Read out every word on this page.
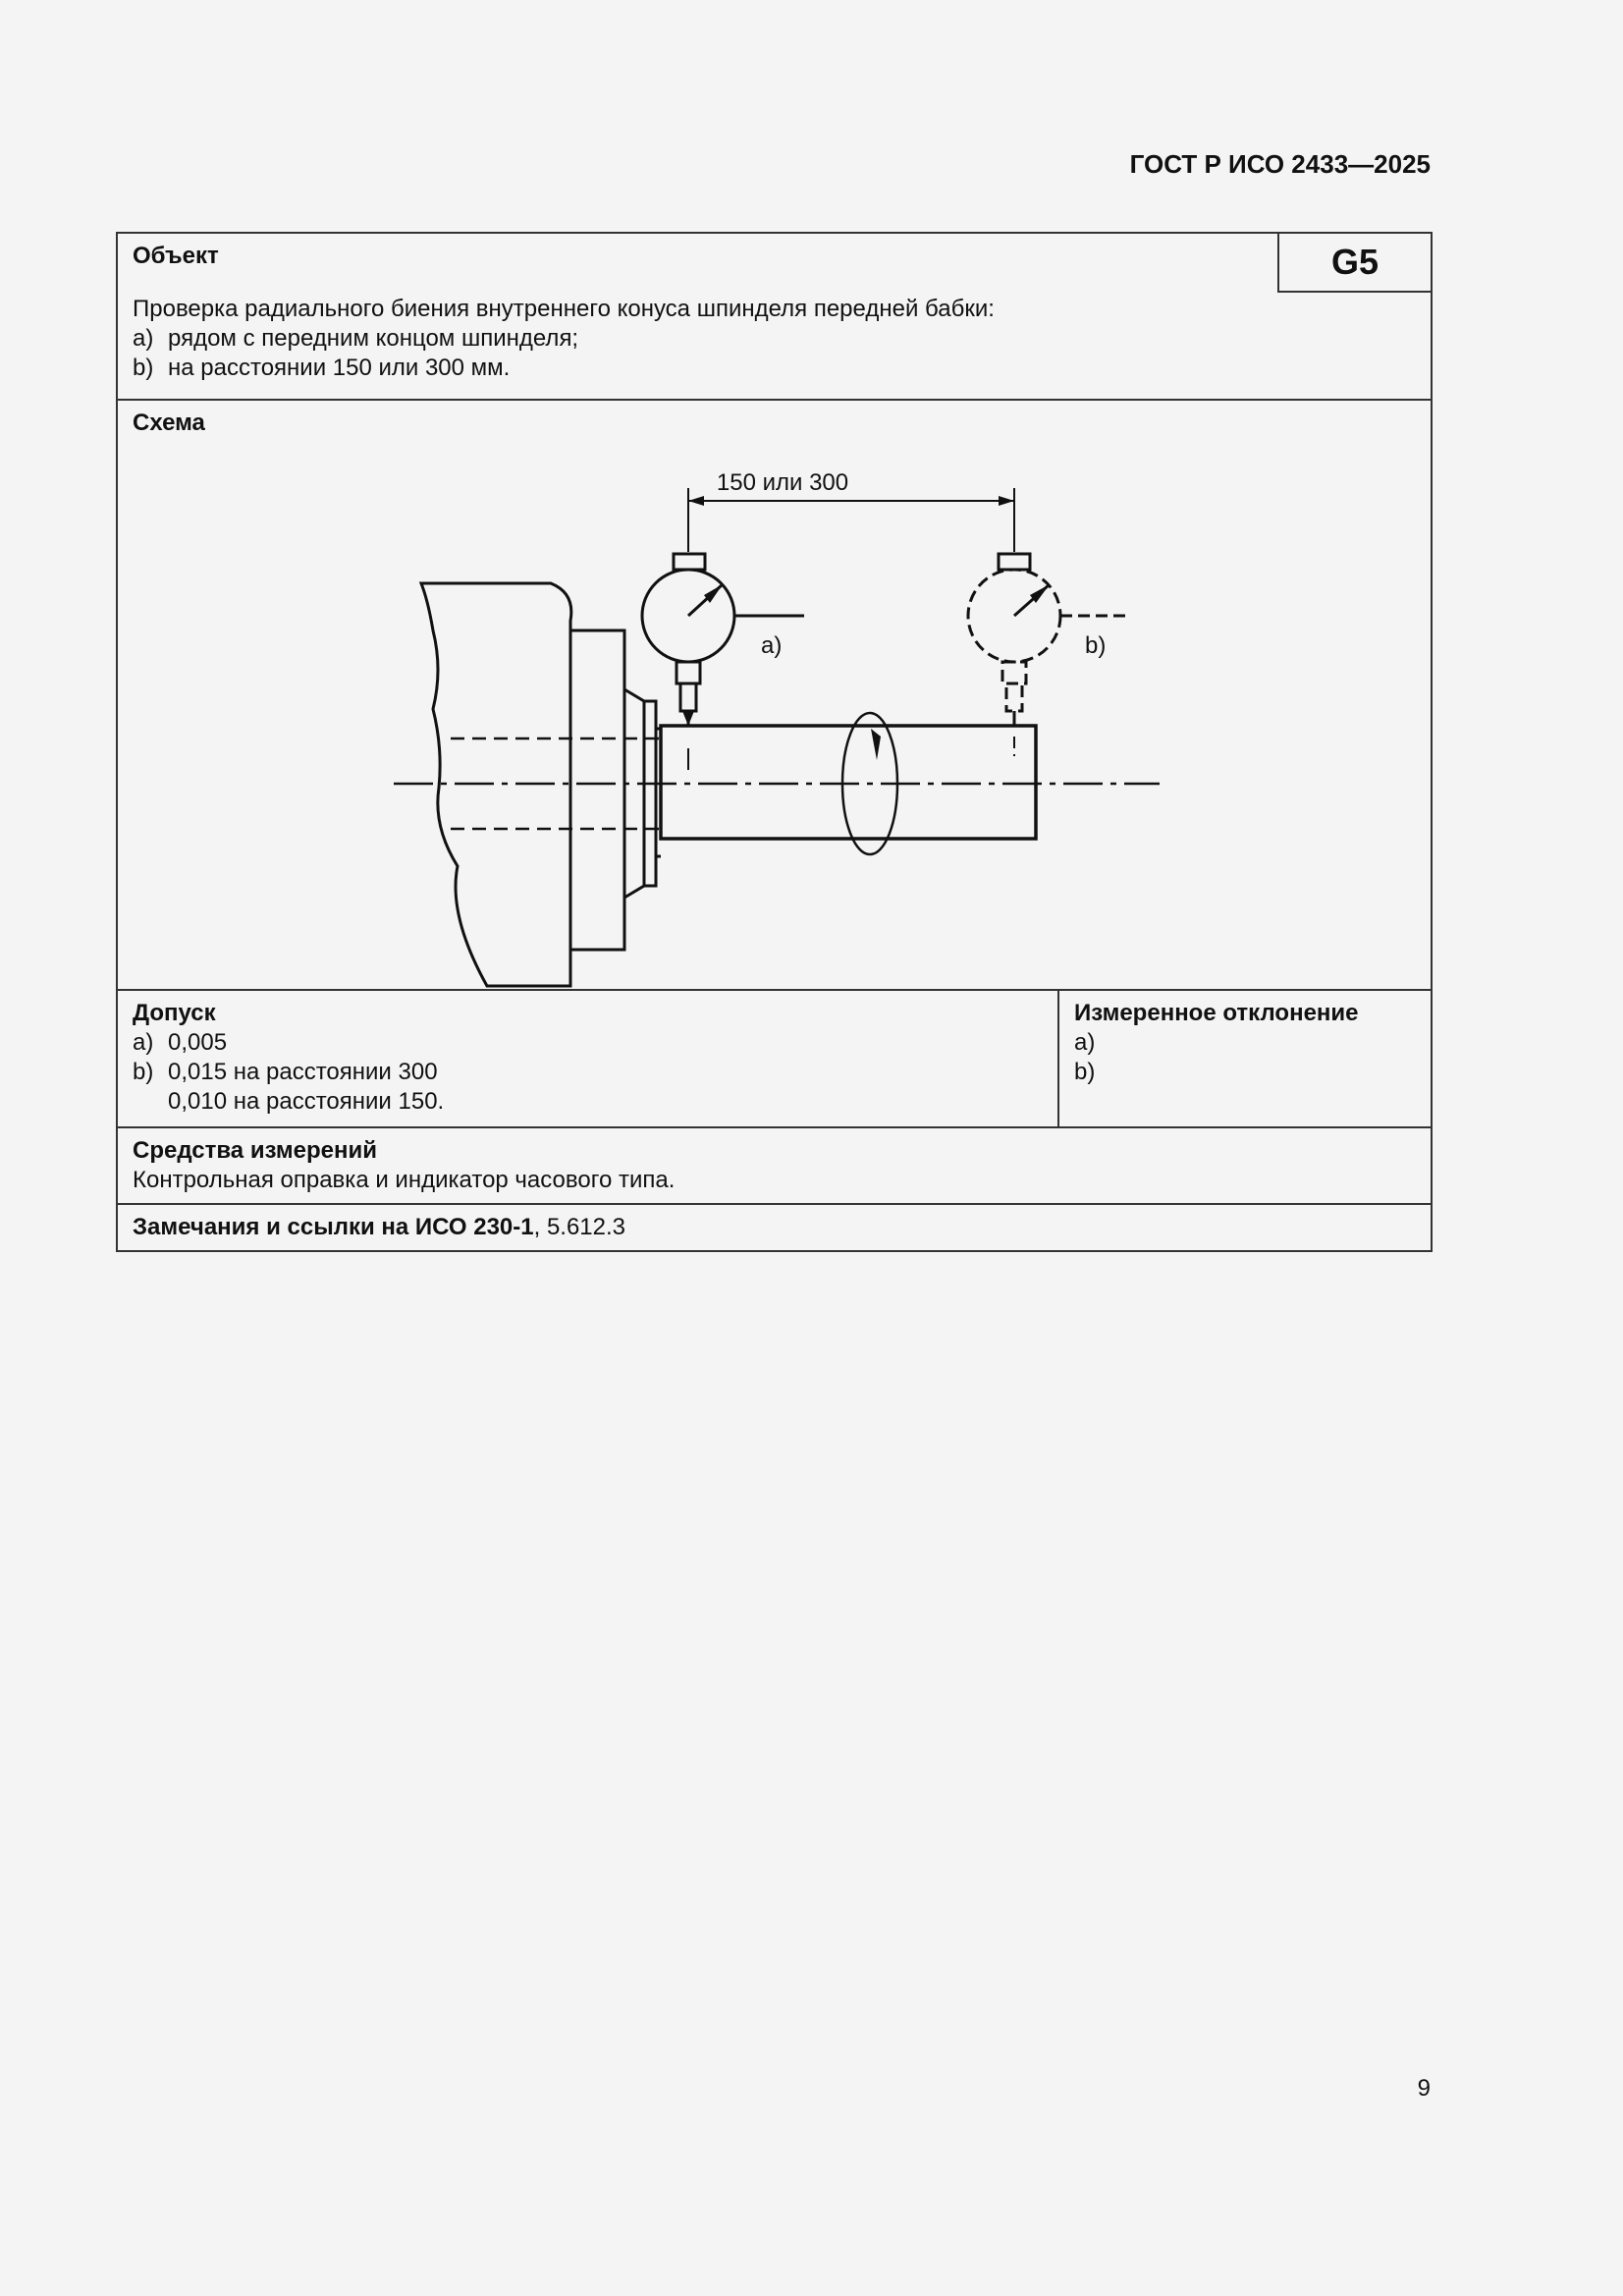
ГОСТ Р ИСО 2433—2025
G5
Объект
Проверка радиального биения внутреннего конуса шпинделя передней бабки:
a) рядом с передним концом шпинделя;
b) на расстоянии 150 или 300 мм.

Схема
150 или 300
a)	b)

Допуск
a) 0,005
b) 0,015 на расстоянии 300
0,010 на расстоянии 150.

Измеренное отклонение
a)
b)

Средства измерений
Контрольная оправка и индикатор часового типа.

Замечания и ссылки на ИСО 230-1, 5.612.3
9
